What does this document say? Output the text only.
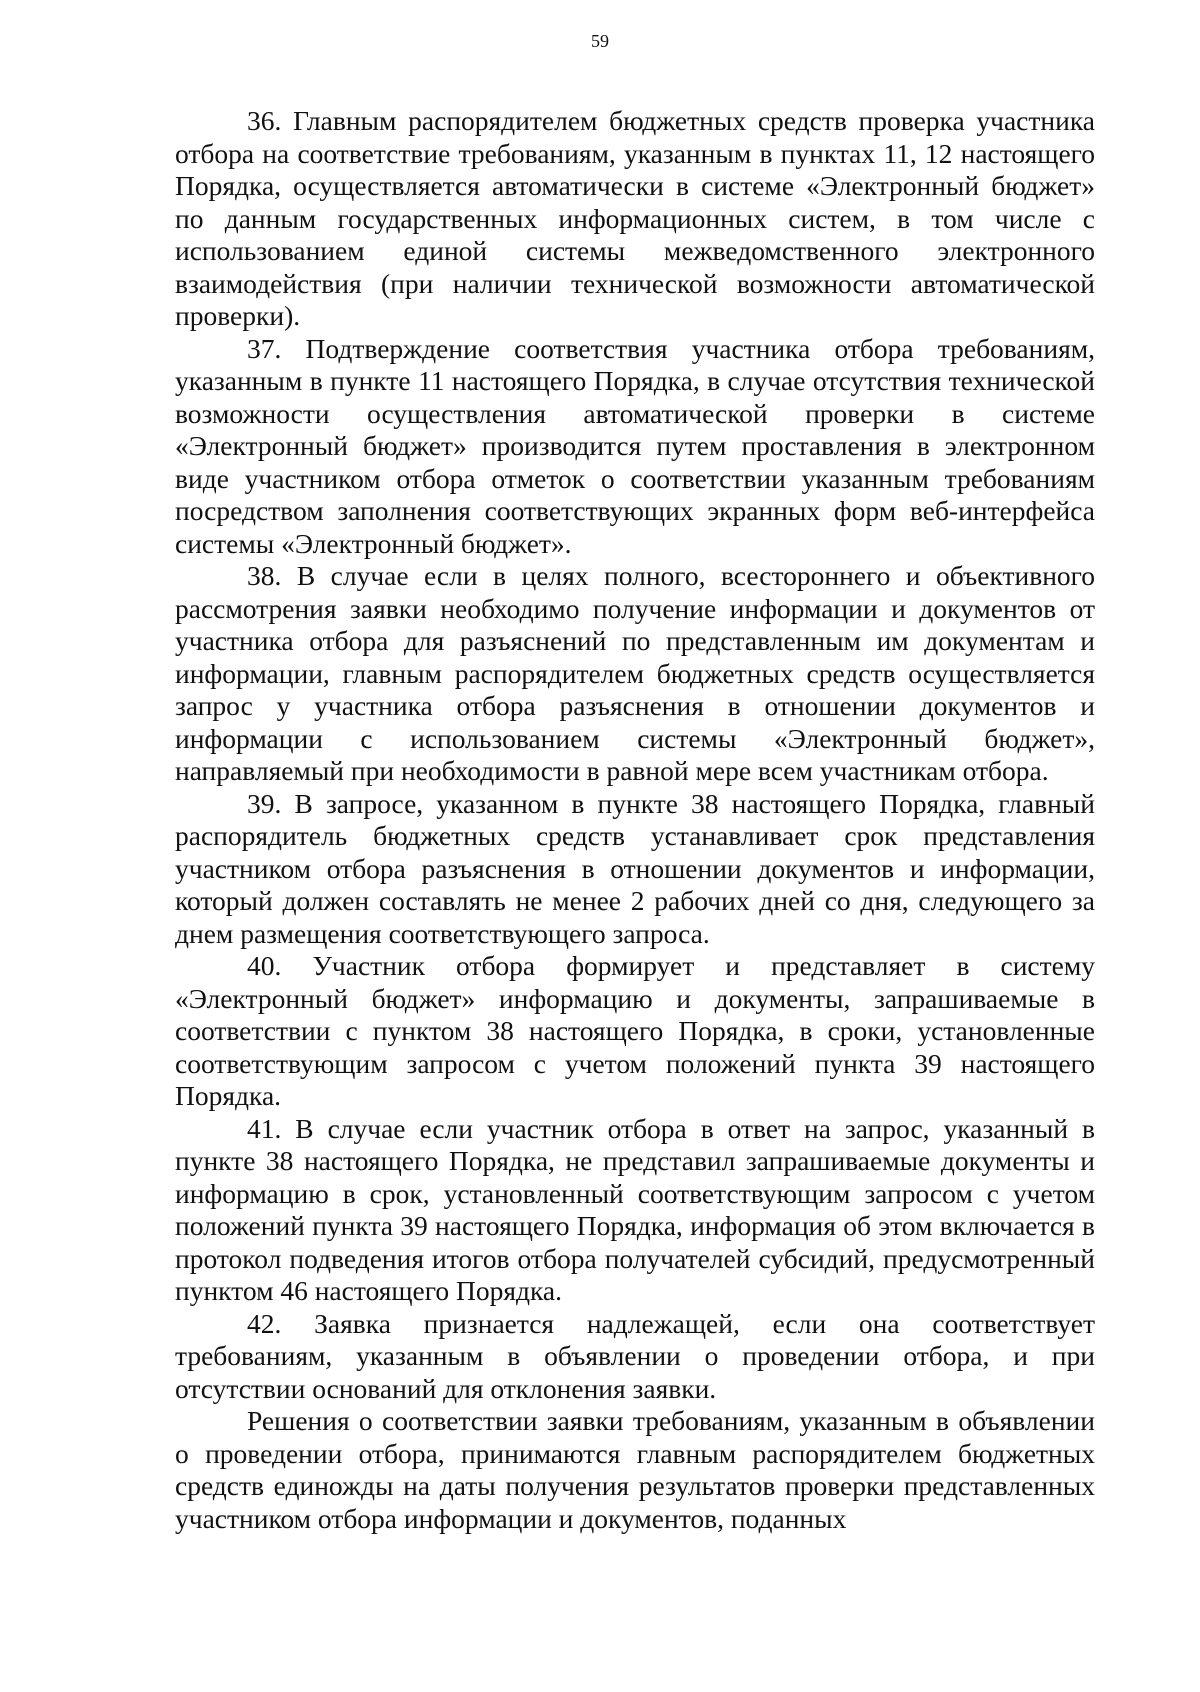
59

36. Главным распорядителем бюджетных средств проверка участника отбора на соответствие требованиям, указанным в пунктах 11, 12 настоящего Порядка, осуществляется автоматически в системе «Электронный бюджет» по данным государственных информационных систем, в том числе с использованием единой системы межведомственного электронного взаимодействия (при наличии технической возможности автоматической проверки).

37. Подтверждение соответствия участника отбора требованиям, указанным в пункте 11 настоящего Порядка, в случае отсутствия технической возможности осуществления автоматической проверки в системе «Электронный бюджет» производится путем проставления в электронном виде участником отбора отметок о соответствии указанным требованиям посредством заполнения соответствующих экранных форм веб-интерфейса системы «Электронный бюджет».

38. В случае если в целях полного, всестороннего и объективного рассмотрения заявки необходимо получение информации и документов от участника отбора для разъяснений по представленным им документам и информации, главным распорядителем бюджетных средств осуществляется запрос у участника отбора разъяснения в отношении документов и информации с использованием системы «Электронный бюджет», направляемый при необходимости в равной мере всем участникам отбора.

39. В запросе, указанном в пункте 38 настоящего Порядка, главный распорядитель бюджетных средств устанавливает срок представления участником отбора разъяснения в отношении документов и информации, который должен составлять не менее 2 рабочих дней со дня, следующего за днем размещения соответствующего запроса.

40. Участник отбора формирует и представляет в систему «Электронный бюджет» информацию и документы, запрашиваемые в соответствии с пунктом 38 настоящего Порядка, в сроки, установленные соответствующим запросом с учетом положений пункта 39 настоящего Порядка.

41. В случае если участник отбора в ответ на запрос, указанный в пункте 38 настоящего Порядка, не представил запрашиваемые документы и информацию в срок, установленный соответствующим запросом с учетом положений пункта 39 настоящего Порядка, информация об этом включается в протокол подведения итогов отбора получателей субсидий, предусмотренный пунктом 46 настоящего Порядка.

42. Заявка признается надлежащей, если она соответствует требованиям, указанным в объявлении о проведении отбора, и при отсутствии оснований для отклонения заявки.

Решения о соответствии заявки требованиям, указанным в объявлении о проведении отбора, принимаются главным распорядителем бюджетных средств единожды на даты получения результатов проверки представленных участником отбора информации и документов, поданных
